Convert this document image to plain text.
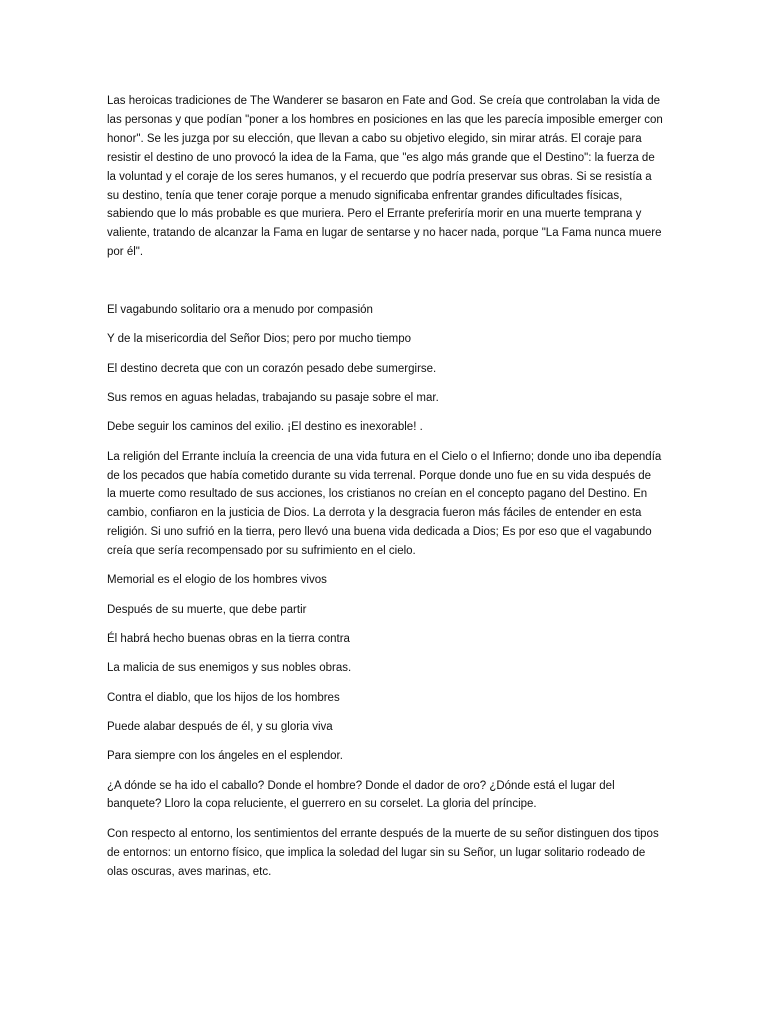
Las heroicas tradiciones de The Wanderer se basaron en Fate and God. Se creía que controlaban la vida de las personas y que podían "poner a los hombres en posiciones en las que les parecía imposible emerger con honor". Se les juzga por su elección, que llevan a cabo su objetivo elegido, sin mirar atrás. El coraje para resistir el destino de uno provocó la idea de la Fama, que "es algo más grande que el Destino": la fuerza de la voluntad y el coraje de los seres humanos, y el recuerdo que podría preservar sus obras. Si se resistía a su destino, tenía que tener coraje porque a menudo significaba enfrentar grandes dificultades físicas, sabiendo que lo más probable es que muriera. Pero el Errante preferiría morir en una muerte temprana y valiente, tratando de alcanzar la Fama en lugar de sentarse y no hacer nada, porque "La Fama nunca muere por él".

El vagabundo solitario ora a menudo por compasión

Y de la misericordia del Señor Dios; pero por mucho tiempo

El destino decreta que con un corazón pesado debe sumergirse.

Sus remos en aguas heladas, trabajando su pasaje sobre el mar.

Debe seguir los caminos del exilio. ¡El destino es inexorable! .

La religión del Errante incluía la creencia de una vida futura en el Cielo o el Infierno; donde uno iba dependía de los pecados que había cometido durante su vida terrenal. Porque donde uno fue en su vida después de la muerte como resultado de sus acciones, los cristianos no creían en el concepto pagano del Destino. En cambio, confiaron en la justicia de Dios. La derrota y la desgracia fueron más fáciles de entender en esta religión. Si uno sufrió en la tierra, pero llevó una buena vida dedicada a Dios; Es por eso que el vagabundo creía que sería recompensado por su sufrimiento en el cielo.

Memorial es el elogio de los hombres vivos

Después de su muerte, que debe partir

Él habrá hecho buenas obras en la tierra contra

La malicia de sus enemigos y sus nobles obras.

Contra el diablo, que los hijos de los hombres

Puede alabar después de él, y su gloria viva

Para siempre con los ángeles en el esplendor.

¿A dónde se ha ido el caballo? Donde el hombre? Donde el dador de oro? ¿Dónde está el lugar del banquete? Lloro la copa reluciente, el guerrero en su corselet. La gloria del príncipe.

Con respecto al entorno, los sentimientos del errante después de la muerte de su señor distinguen dos tipos de entornos: un entorno físico, que implica la soledad del lugar sin su Señor, un lugar solitario rodeado de olas oscuras, aves marinas, etc.
